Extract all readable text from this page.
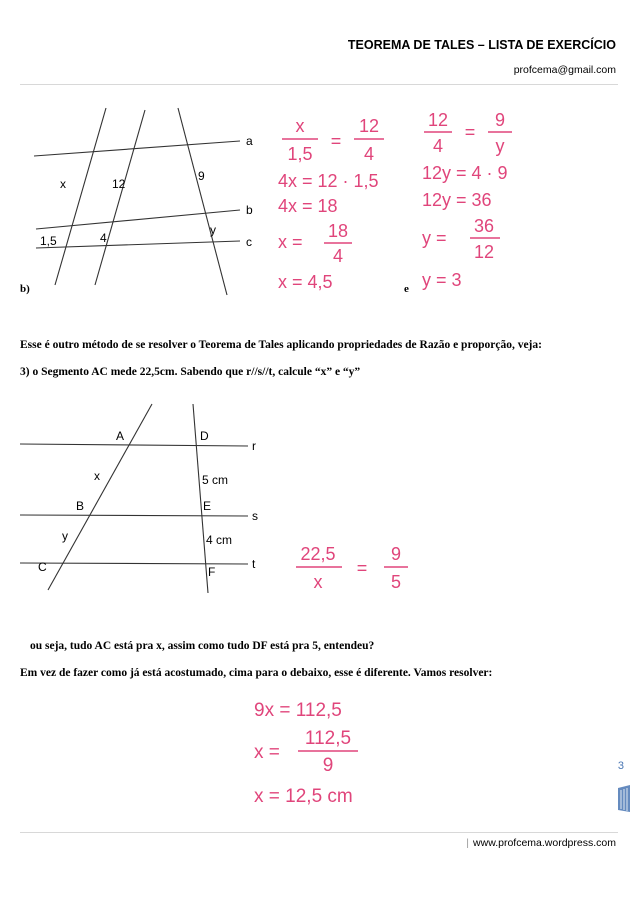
TEOREMA DE TALES – LISTA DE EXERCÍCIO
profcema@gmail.com
a
b
c
x	12
9
1,5	4
y
b)
x
1,5
=
12
4
4x = 12 · 1,5
4x = 18
x =
18
4
x = 4,5	e
12
4
=
9
y
12y = 4 · 9
12y = 36
y =
36
12
y = 3
Esse é outro método de se resolver o Teorema de Tales aplicando propriedades de Razão e proporção, veja:
3) o Segmento AC mede 22,5cm. Sabendo que r//s//t, calcule “x” e “y”
A	D
r
x	5 cm
B	E
s
y	4 cm
C	F
t	22,5
x
=
9
5
ou seja, tudo AC está pra x, assim como tudo DF está pra 5, entendeu?
Em vez de fazer como já está acostumado, cima para o debaixo, esse é diferente. Vamos resolver:
9x = 112,5
x =
112,5
9
x = 12,5 cm
3
| www.profcema.wordpress.com
